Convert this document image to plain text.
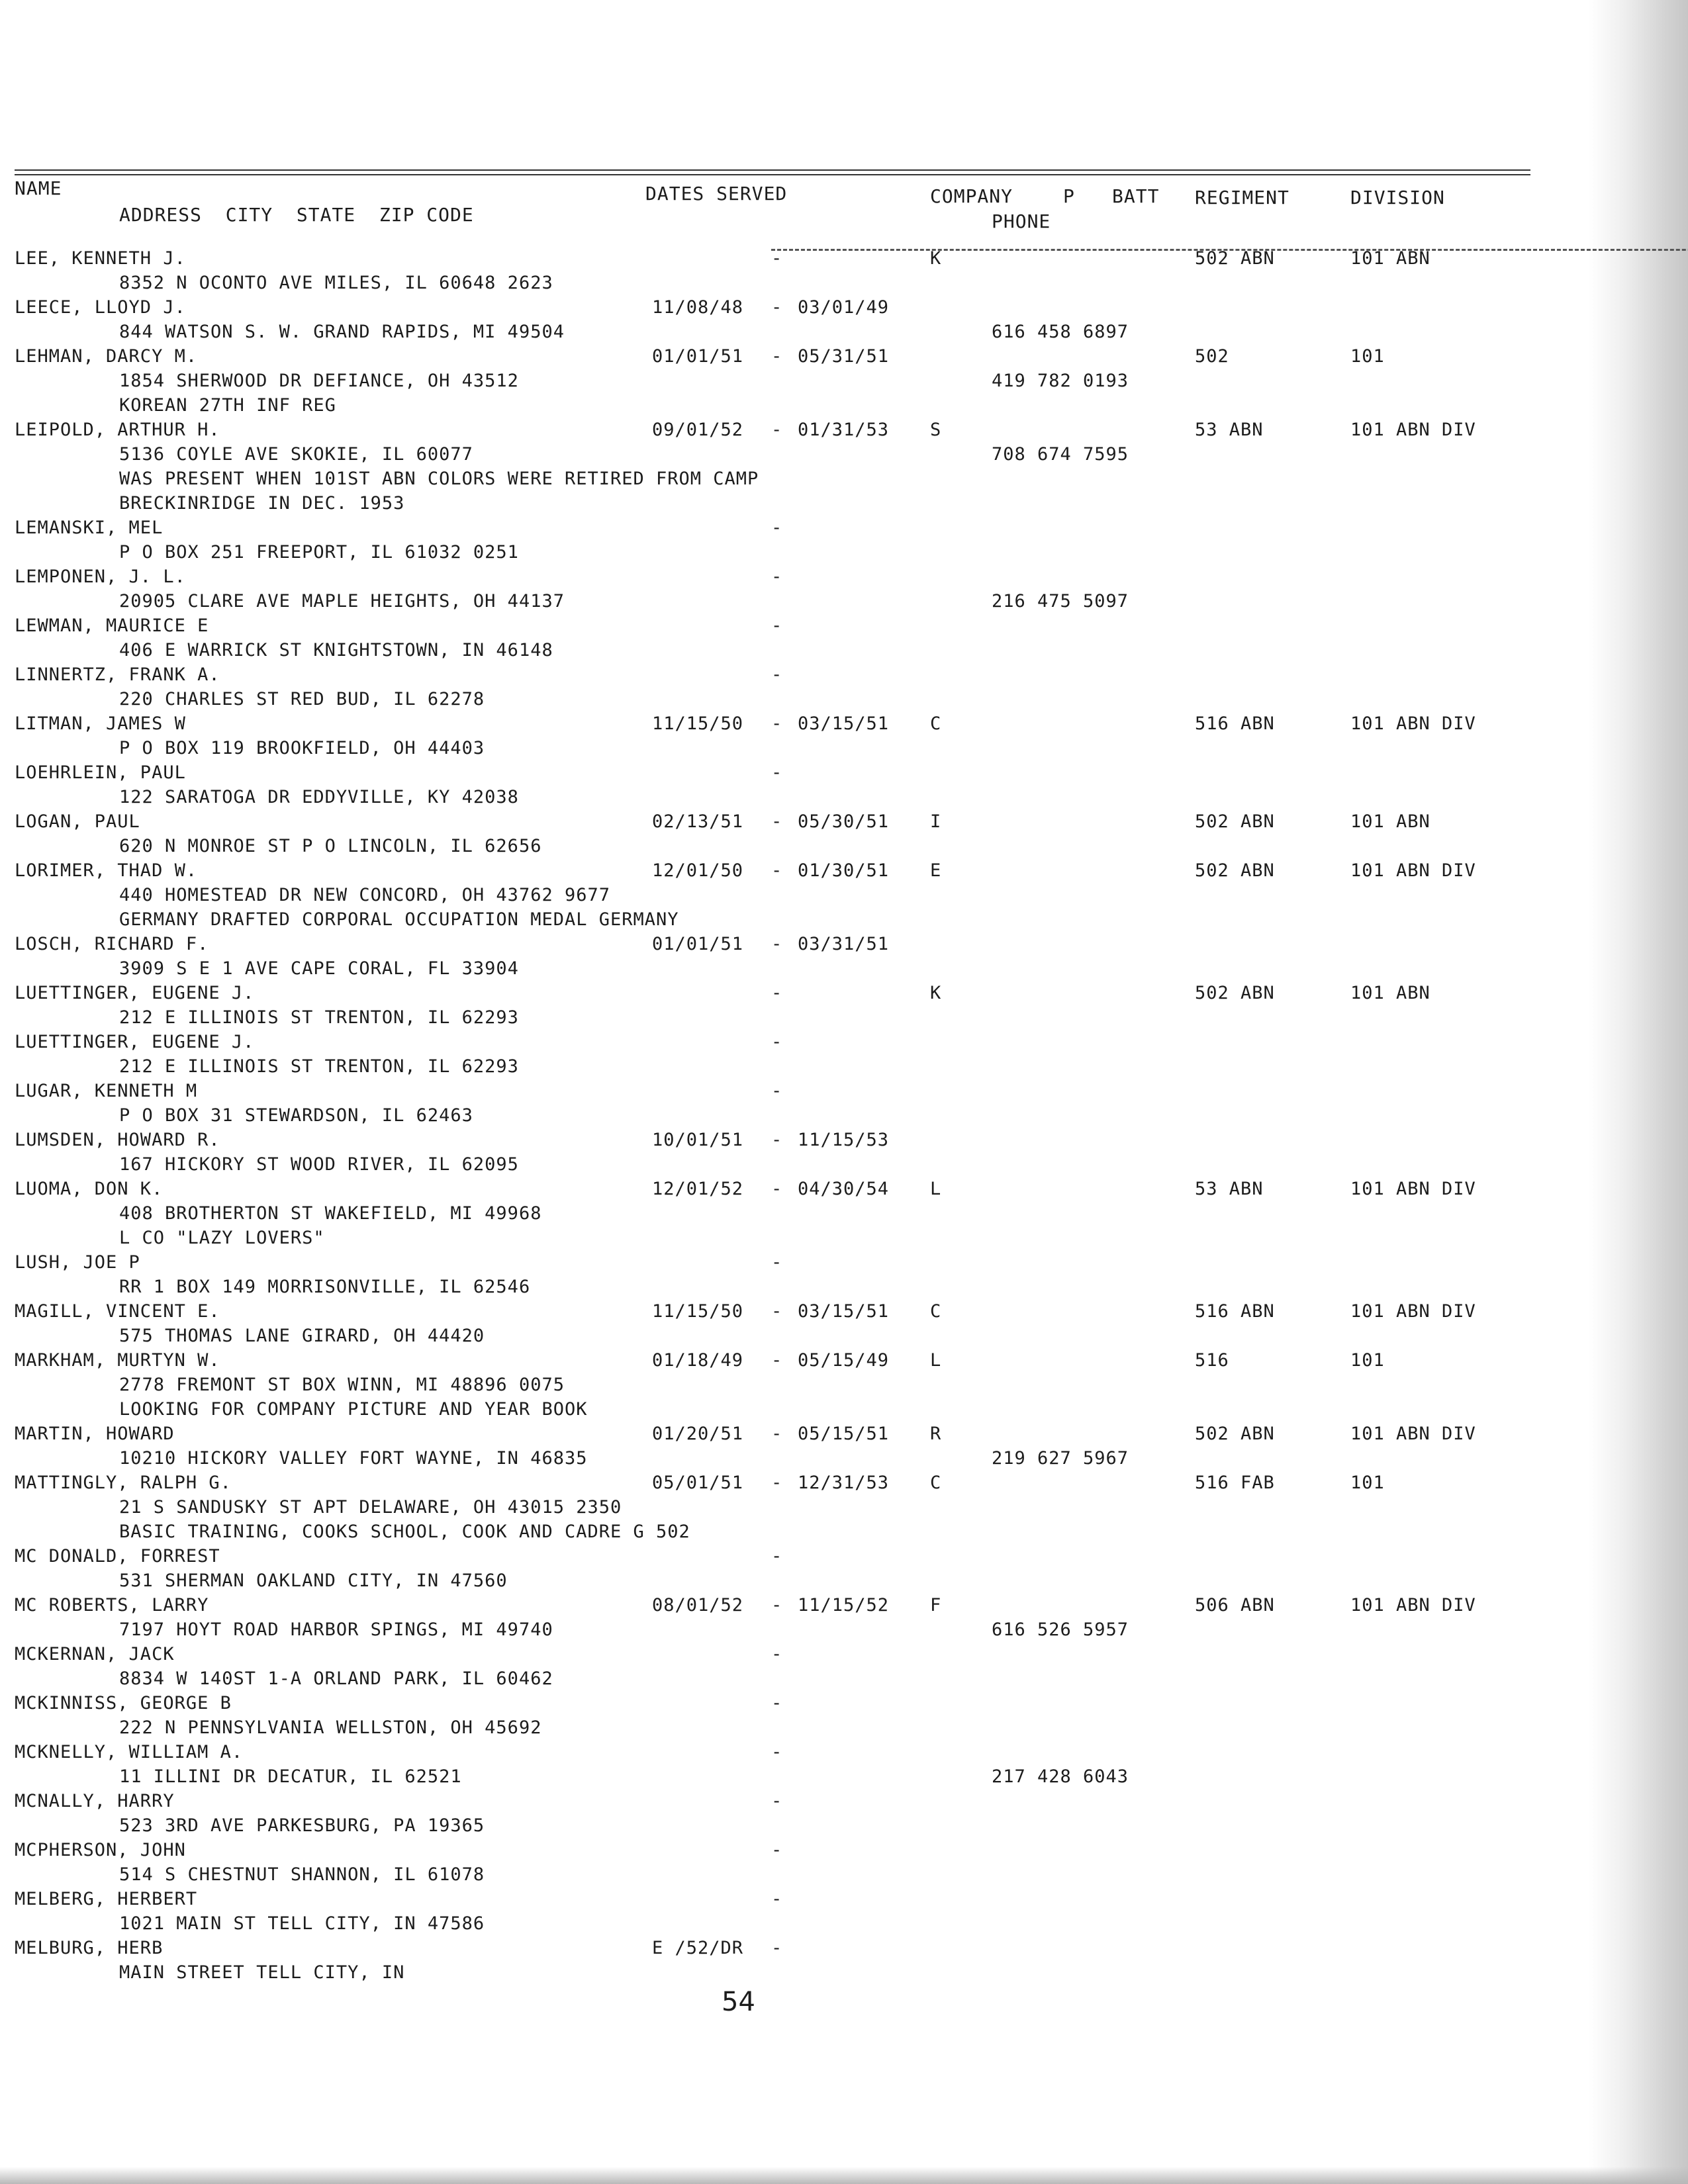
NAME
ADDRESS  CITY  STATE  ZIP CODE
DATES SERVED	COMPANY	P BATT
PHONE
REGIMENT	DIVISION
LEE, KENNETH J.	-	K	502 ABN	101 ABN
8352 N OCONTO AVE MILES, IL 60648 2623
LEECE, LLOYD J.	11/08/48 - 03/01/49
844 WATSON S. W. GRAND RAPIDS, MI 49504	616 458 6897
LEHMAN, DARCY M.	01/01/51 - 05/31/51	502	101
1854 SHERWOOD DR DEFIANCE, OH 43512	419 782 0193
KOREAN 27TH INF REG
LEIPOLD, ARTHUR H.	09/01/52 - 01/31/53 S	53 ABN	101 ABN DIV
5136 COYLE AVE SKOKIE, IL 60077	708 674 7595
WAS PRESENT WHEN 101ST ABN COLORS WERE RETIRED FROM CAMP
BRECKINRIDGE IN DEC. 1953
LEMANSKI, MEL	-
P O BOX 251 FREEPORT, IL 61032 0251
LEMPONEN, J. L.	-
20905 CLARE AVE MAPLE HEIGHTS, OH 44137	216 475 5097
LEWMAN, MAURICE E	-
406 E WARRICK ST KNIGHTSTOWN, IN 46148
LINNERTZ, FRANK A.	-
220 CHARLES ST RED BUD, IL 62278
LITMAN, JAMES W	11/15/50 - 03/15/51 C	516 ABN	101 ABN DIV
P O BOX 119 BROOKFIELD, OH 44403
LOEHRLEIN, PAUL	-
122 SARATOGA DR EDDYVILLE, KY 42038
LOGAN, PAUL	02/13/51 - 05/30/51 I	502 ABN	101 ABN
620 N MONROE ST P O LINCOLN, IL 62656
LORIMER, THAD W.	12/01/50 - 01/30/51 E	502 ABN	101 ABN DIV
440 HOMESTEAD DR NEW CONCORD, OH 43762 9677
GERMANY DRAFTED CORPORAL OCCUPATION MEDAL GERMANY
LOSCH, RICHARD F.	01/01/51 - 03/31/51
3909 S E 1 AVE CAPE CORAL, FL 33904
LUETTINGER, EUGENE J.	-	K	502 ABN	101 ABN
212 E ILLINOIS ST TRENTON, IL 62293
LUETTINGER, EUGENE J.	-
212 E ILLINOIS ST TRENTON, IL 62293
LUGAR, KENNETH M	-
P O BOX 31 STEWARDSON, IL 62463
LUMSDEN, HOWARD R.	10/01/51 - 11/15/53
167 HICKORY ST WOOD RIVER, IL 62095
LUOMA, DON K.	12/01/52 - 04/30/54 L	53 ABN	101 ABN DIV
408 BROTHERTON ST WAKEFIELD, MI 49968
L CO "LAZY LOVERS"
LUSH, JOE P	-
RR 1 BOX 149 MORRISONVILLE, IL 62546
MAGILL, VINCENT E.	11/15/50 - 03/15/51 C	516 ABN	101 ABN DIV
575 THOMAS LANE GIRARD, OH 44420
MARKHAM, MURTYN W.	01/18/49 - 05/15/49 L	516	101
2778 FREMONT ST BOX WINN, MI 48896 0075
LOOKING FOR COMPANY PICTURE AND YEAR BOOK
MARTIN, HOWARD	01/20/51 - 05/15/51 R	502 ABN	101 ABN DIV
10210 HICKORY VALLEY FORT WAYNE, IN 46835	219 627 5967
MATTINGLY, RALPH G.	05/01/51 - 12/31/53 C	516 FAB	101
21 S SANDUSKY ST APT DELAWARE, OH 43015 2350
BASIC TRAINING, COOKS SCHOOL, COOK AND CADRE G 502
MC DONALD, FORREST	-
531 SHERMAN OAKLAND CITY, IN 47560
MC ROBERTS, LARRY	08/01/52 - 11/15/52 F	506 ABN	101 ABN DIV
7197 HOYT ROAD HARBOR SPINGS, MI 49740	616 526 5957
MCKERNAN, JACK	-
8834 W 140ST 1-A ORLAND PARK, IL 60462
MCKINNISS, GEORGE B	-
222 N PENNSYLVANIA WELLSTON, OH 45692
MCKNELLY, WILLIAM A.	-
11 ILLINI DR DECATUR, IL 62521	217 428 6043
MCNALLY, HARRY	-
523 3RD AVE PARKESBURG, PA 19365
MCPHERSON, JOHN	-
514 S CHESTNUT SHANNON, IL 61078
MELBERG, HERBERT	-
1021 MAIN ST TELL CITY, IN 47586
MELBURG, HERB	E /52/DR -
MAIN STREET TELL CITY, IN
54
